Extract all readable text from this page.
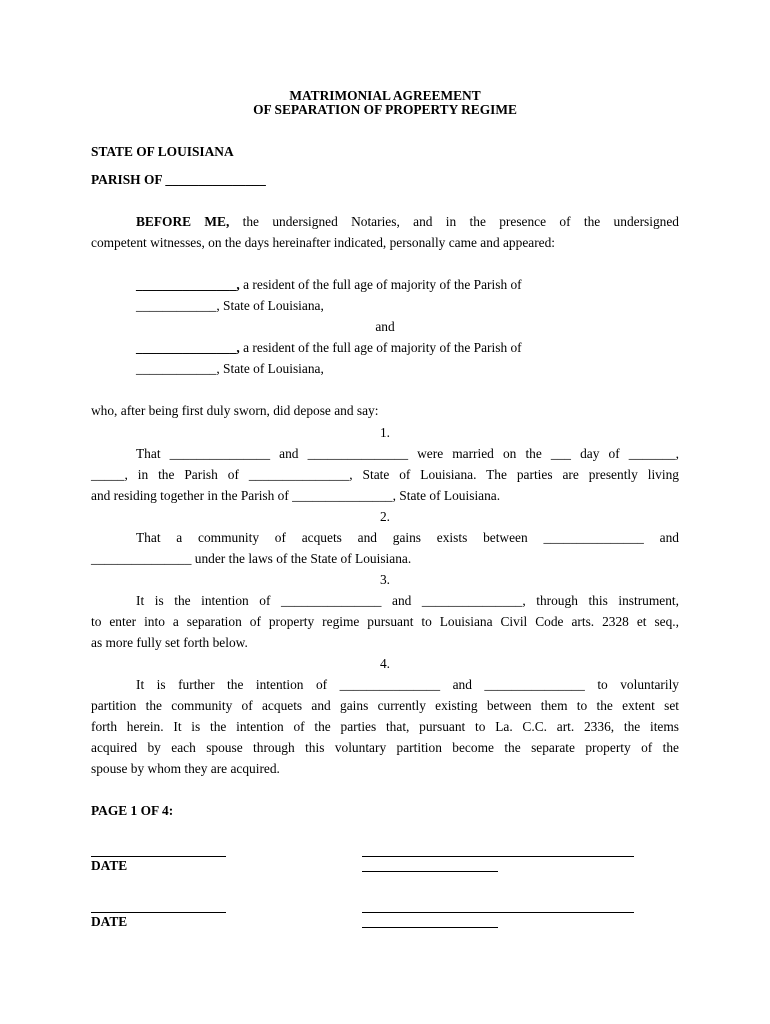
MATRIMONIAL AGREEMENT
OF SEPARATION OF PROPERTY REGIME
STATE OF LOUISIANA
PARISH OF _______________
BEFORE ME, the undersigned Notaries, and in the presence of the undersigned
competent witnesses, on the days hereinafter indicated, personally came and appeared:
_______________, a resident of the full age of majority of the Parish of
____________, State of Louisiana,
and
_______________, a resident of the full age of majority of the Parish of
____________, State of Louisiana,
who, after being first duly sworn, did depose and say:
1.
That _______________ and _______________ were married on the ___ day of _______,
_____, in the Parish of _______________, State of Louisiana. The parties are presently living
and residing together in the Parish of _______________, State of Louisiana.
2.
That a community of acquets and gains exists between _______________ and
_______________ under the laws of the State of Louisiana.
3.
It is the intention of _______________ and _______________, through this instrument,
to enter into a separation of property regime pursuant to Louisiana Civil Code arts. 2328 et seq.,
as more fully set forth below.
4.
It is further the intention of _______________ and _______________ to voluntarily
partition the community of acquets and gains currently existing between them to the extent set
forth herein. It is the intention of the parties that, pursuant to La. C.C. art. 2336, the items
acquired by each spouse through this voluntary partition become the separate property of the
spouse by whom they are acquired.
PAGE 1 OF 4:
DATE
DATE
